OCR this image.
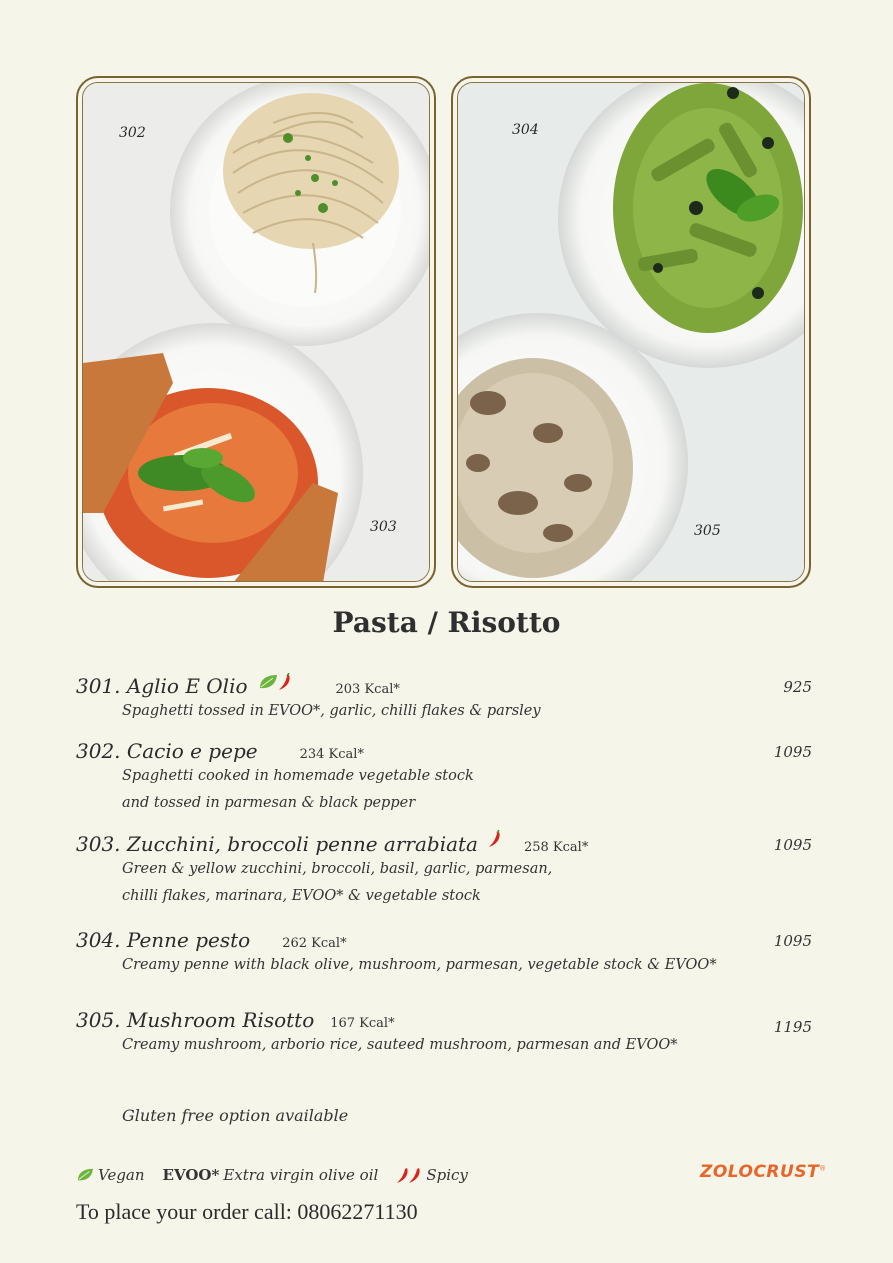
302
303
304
305
Pasta / Risotto
301. Aglio E Olio	203 Kcal*	925
Spaghetti tossed in EVOO*, garlic, chilli flakes & parsley
302. Cacio e pepe	234 Kcal*	1095
Spaghetti cooked in homemade vegetable stock
and tossed in parmesan & black pepper
303. Zucchini, broccoli penne arrabiata	258 Kcal*	1095
Green & yellow zucchini, broccoli, basil, garlic, parmesan,
chilli flakes, marinara, EVOO* & vegetable stock
304. Penne pesto 262 Kcal*	1095
Creamy penne with black olive, mushroom, parmesan, vegetable stock & EVOO*
305. Mushroom Risotto 167 Kcal*	1195
Creamy mushroom, arborio rice, sauteed mushroom, parmesan and EVOO*
Gluten free option available
Vegan EVOO* Extra virgin olive oil	Spicy	ZOLOCRUST®
To place your order call: 08062271130
